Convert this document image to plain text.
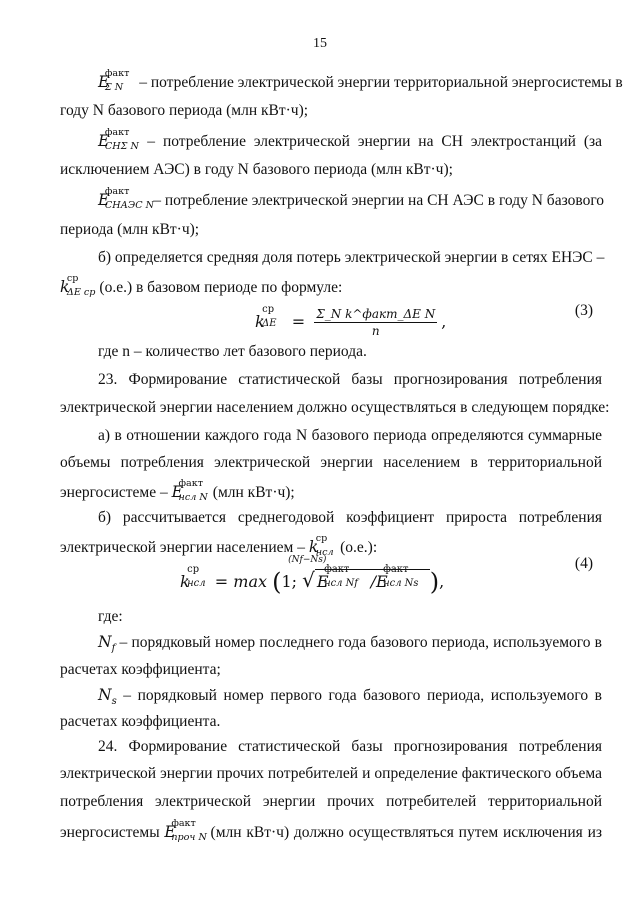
15
E
факт
Σ N – потребление электрической энергии территориальной энергосистемы в
году N базового периода (млн кВт·ч);
E
факт
СНΣ N – потребление электрической энергии на СН электростанций (за
исключением АЭС) в году N базового периода (млн кВт·ч);
E
факт
СНАЭС N – потребление электрической энергии на СН АЭС в году N базового
периода (млн кВт·ч);
б) определяется средняя доля потерь электрической энергии в сетях ЕНЭС –
k
ср
ΔE ср (о.е.) в базовом периоде по формуле:
k
ср
$\Delta E = \frac{\text{Σ\_N k\textasciicircum{}факт\_ΔE N}}{n}$ ,
(3)
где n – количество лет базового периода.
23. Формирование статистической базы прогнозирования потребления
электрической энергии населением должно осуществляться в следующем порядке:
а) в отношении каждого года N базового периода определяются суммарные
объемы потребления электрической энергии населением в территориальной
энергосистеме – E
факт
нсл N (млн кВт·ч);
б) рассчитывается среднегодовой коэффициент прироста потребления
электрической энергии населением – k
ср
нсл (о.е.):
k
ср
нсл = max (1;
(Nf−Ns)
√ E
факт
нсл Nf /E
факт
нсл Ns ),
(4)
где:
$N_f$ – порядковый номер последнего года базового периода, используемого в
расчетах коэффициента;
$N_s$ – порядковый номер первого года базового периода, используемого в
расчетах коэффициента.
24. Формирование статистической базы прогнозирования потребления
электрической энергии прочих потребителей и определение фактического объема
потребления электрической энергии прочих потребителей территориальной
энергосистемы E
факт
проч N (млн кВт·ч) должно осуществляться путем исключения из
